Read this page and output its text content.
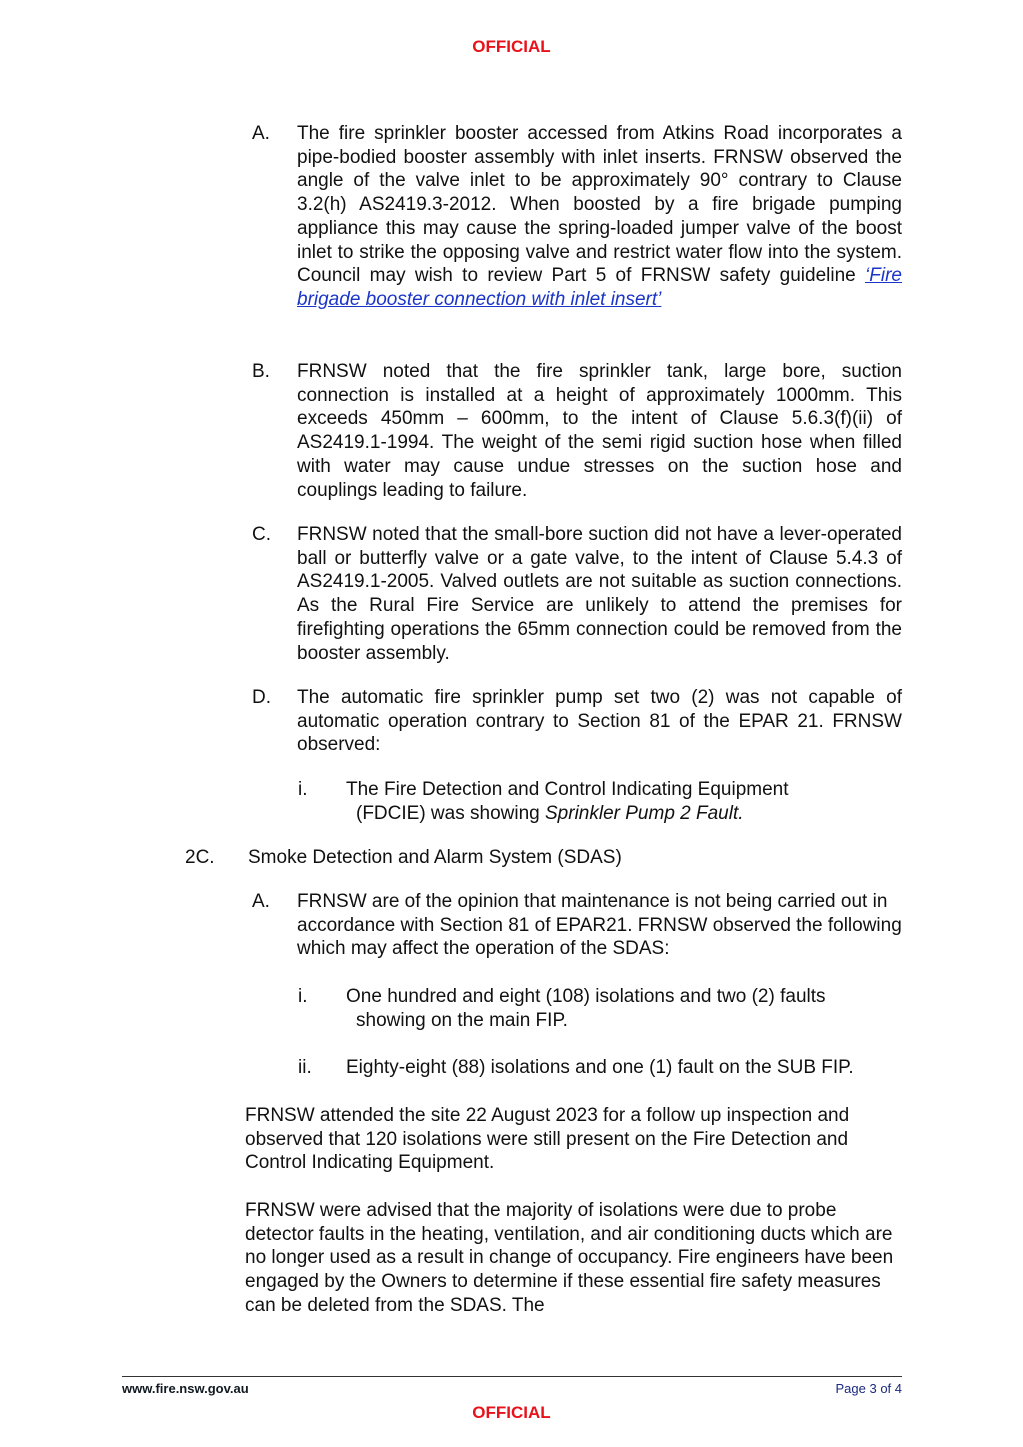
OFFICIAL
A. The fire sprinkler booster accessed from Atkins Road incorporates a pipe-bodied booster assembly with inlet inserts. FRNSW observed the angle of the valve inlet to be approximately 90° contrary to Clause 3.2(h) AS2419.3-2012. When boosted by a fire brigade pumping appliance this may cause the spring-loaded jumper valve of the boost inlet to strike the opposing valve and restrict water flow into the system. Council may wish to review Part 5 of FRNSW safety guideline ‘Fire brigade booster connection with inlet insert’
B. FRNSW noted that the fire sprinkler tank, large bore, suction connection is installed at a height of approximately 1000mm. This exceeds 450mm – 600mm, to the intent of Clause 5.6.3(f)(ii) of AS2419.1-1994. The weight of the semi rigid suction hose when filled with water may cause undue stresses on the suction hose and couplings leading to failure.
C. FRNSW noted that the small-bore suction did not have a lever-operated ball or butterfly valve or a gate valve, to the intent of Clause 5.4.3 of AS2419.1-2005. Valved outlets are not suitable as suction connections. As the Rural Fire Service are unlikely to attend the premises for firefighting operations the 65mm connection could be removed from the booster assembly.
D. The automatic fire sprinkler pump set two (2) was not capable of automatic operation contrary to Section 81 of the EPAR 21. FRNSW observed:
i. The Fire Detection and Control Indicating Equipment
(FDCIE) was showing Sprinkler Pump 2 Fault.
2C. Smoke Detection and Alarm System (SDAS)
A. FRNSW are of the opinion that maintenance is not being carried out in accordance with Section 81 of EPAR21. FRNSW observed the following which may affect the operation of the SDAS:
i. One hundred and eight (108) isolations and two (2) faults
showing on the main FIP.
ii. Eighty-eight (88) isolations and one (1) fault on the SUB FIP.
FRNSW attended the site 22 August 2023 for a follow up inspection and observed that 120 isolations were still present on the Fire Detection and Control Indicating Equipment.
FRNSW were advised that the majority of isolations were due to probe detector faults in the heating, ventilation, and air conditioning ducts which are no longer used as a result in change of occupancy. Fire engineers have been engaged by the Owners to determine if these essential fire safety measures can be deleted from the SDAS. The
www.fire.nsw.gov.au	Page 3 of 4
OFFICIAL
